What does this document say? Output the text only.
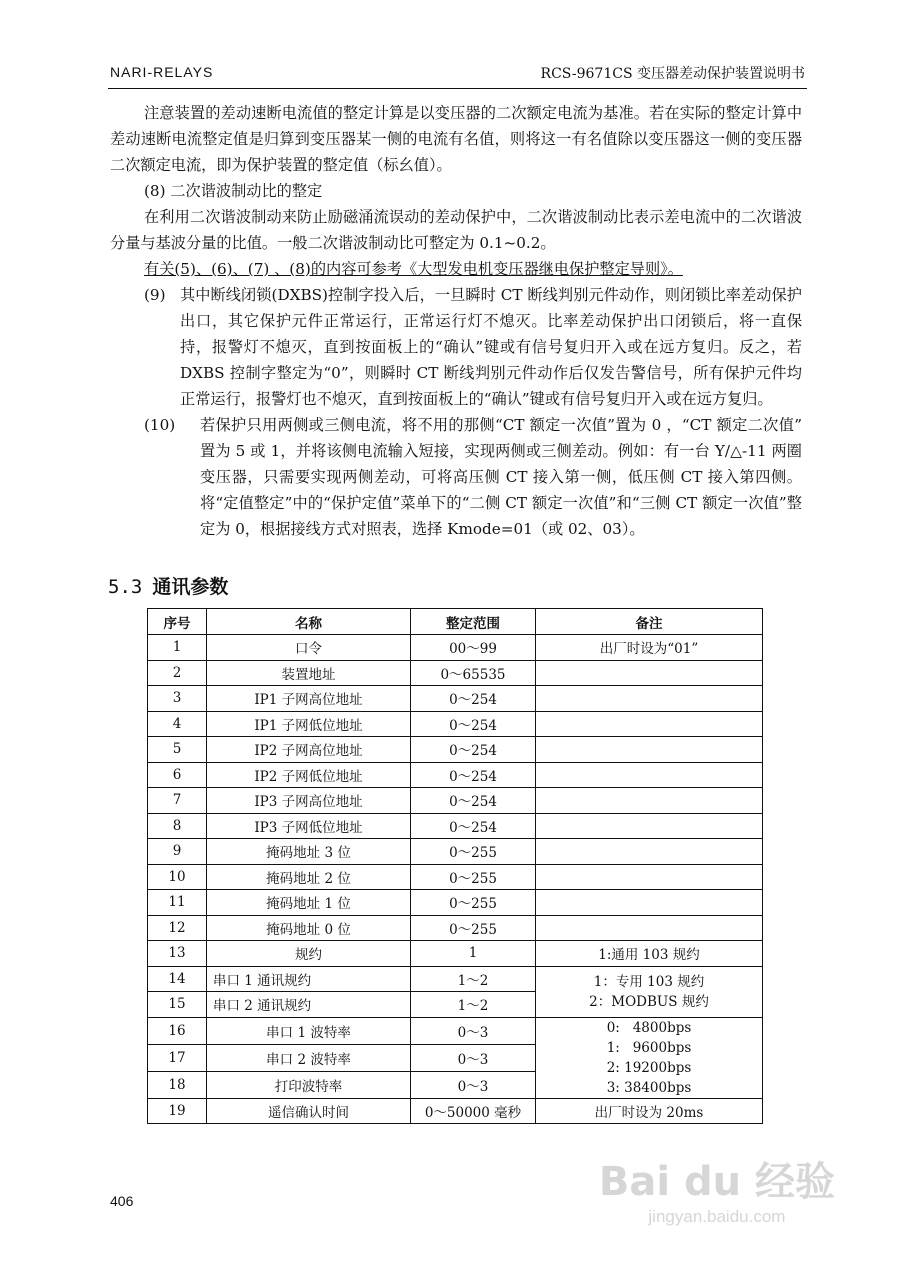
NARI-RELAYS	RCS-9671CS 变压器差动保护装置说明书

注意装置的差动速断电流值的整定计算是以变压器的二次额定电流为基准。若在实际的整定计算中差动速断电流整定值是归算到变压器某一侧的电流有名值，则将这一有名值除以变压器这一侧的变压器二次额定电流，即为保护装置的整定值（标幺值）。

(8) 二次谐波制动比的整定

在利用二次谐波制动来防止励磁涌流误动的差动保护中，二次谐波制动比表示差电流中的二次谐波分量与基波分量的比值。一般二次谐波制动比可整定为 0.1~0.2。

有关(5)、(6)、(7) 、(8)的内容可参考《大型发电机变压器继电保护整定导则》。

(9) 其中断线闭锁(DXBS)控制字投入后，一旦瞬时 CT 断线判别元件动作，则闭锁比率差动保护出口，其它保护元件正常运行，正常运行灯不熄灭。比率差动保护出口闭锁后，将一直保持，报警灯不熄灭，直到按面板上的“确认”键或有信号复归开入或在远方复归。反之，若 DXBS 控制字整定为“0”，则瞬时 CT 断线判别元件动作后仅发告警信号，所有保护元件均正常运行，报警灯也不熄灭，直到按面板上的“确认”键或有信号复归开入或在远方复归。
(10)	若保护只用两侧或三侧电流，将不用的那侧“CT 额定一次值”置为 0 ，“CT 额定二次值” 置为 5 或 1，并将该侧电流输入短接，实现两侧或三侧差动。例如：有一台 Y/△-11 两圈变压器，只需要实现两侧差动，可将高压侧 CT 接入第一侧，低压侧 CT 接入第四侧。将“定值整定”中的“保护定值”菜单下的“二侧 CT 额定一次值”和“三侧 CT 额定一次值”整定为 0，根据接线方式对照表，选择 Kmode=01（或 02、03）。
5.3 通讯参数
序号	名称	整定范围	备注
1	口令	00～99	出厂时设为“01”
2	装置地址	0～65535	
3	IP1 子网高位地址	0～254	
4	IP1 子网低位地址	0～254	
5	IP2 子网高位地址	0～254	
6	IP2 子网低位地址	0～254	
7	IP3 子网高位地址	0～254	
8	IP3 子网低位地址	0～254	
9	掩码地址 3 位	0～255	
10	掩码地址 2 位	0～255	
11	掩码地址 1 位	0～255	
12	掩码地址 0 位	0～255	
13	规约	1	1:通用 103 规约
14	串口 1 通讯规约	1～2	1：专用 103 规约
2：MODBUS 规约

15	串口 2 通讯规约	1～2	
16	串口 1 波特率	0～3	0:   4800bps
1:   9600bps
2: 19200bps
3: 38400bps

17	串口 2 波特率	0～3	
18	打印波特率	0～3	
19	遥信确认时间	0～50000 毫秒	出厂时设为 20ms
406	Bai du 经验
jingyan.baidu.com
